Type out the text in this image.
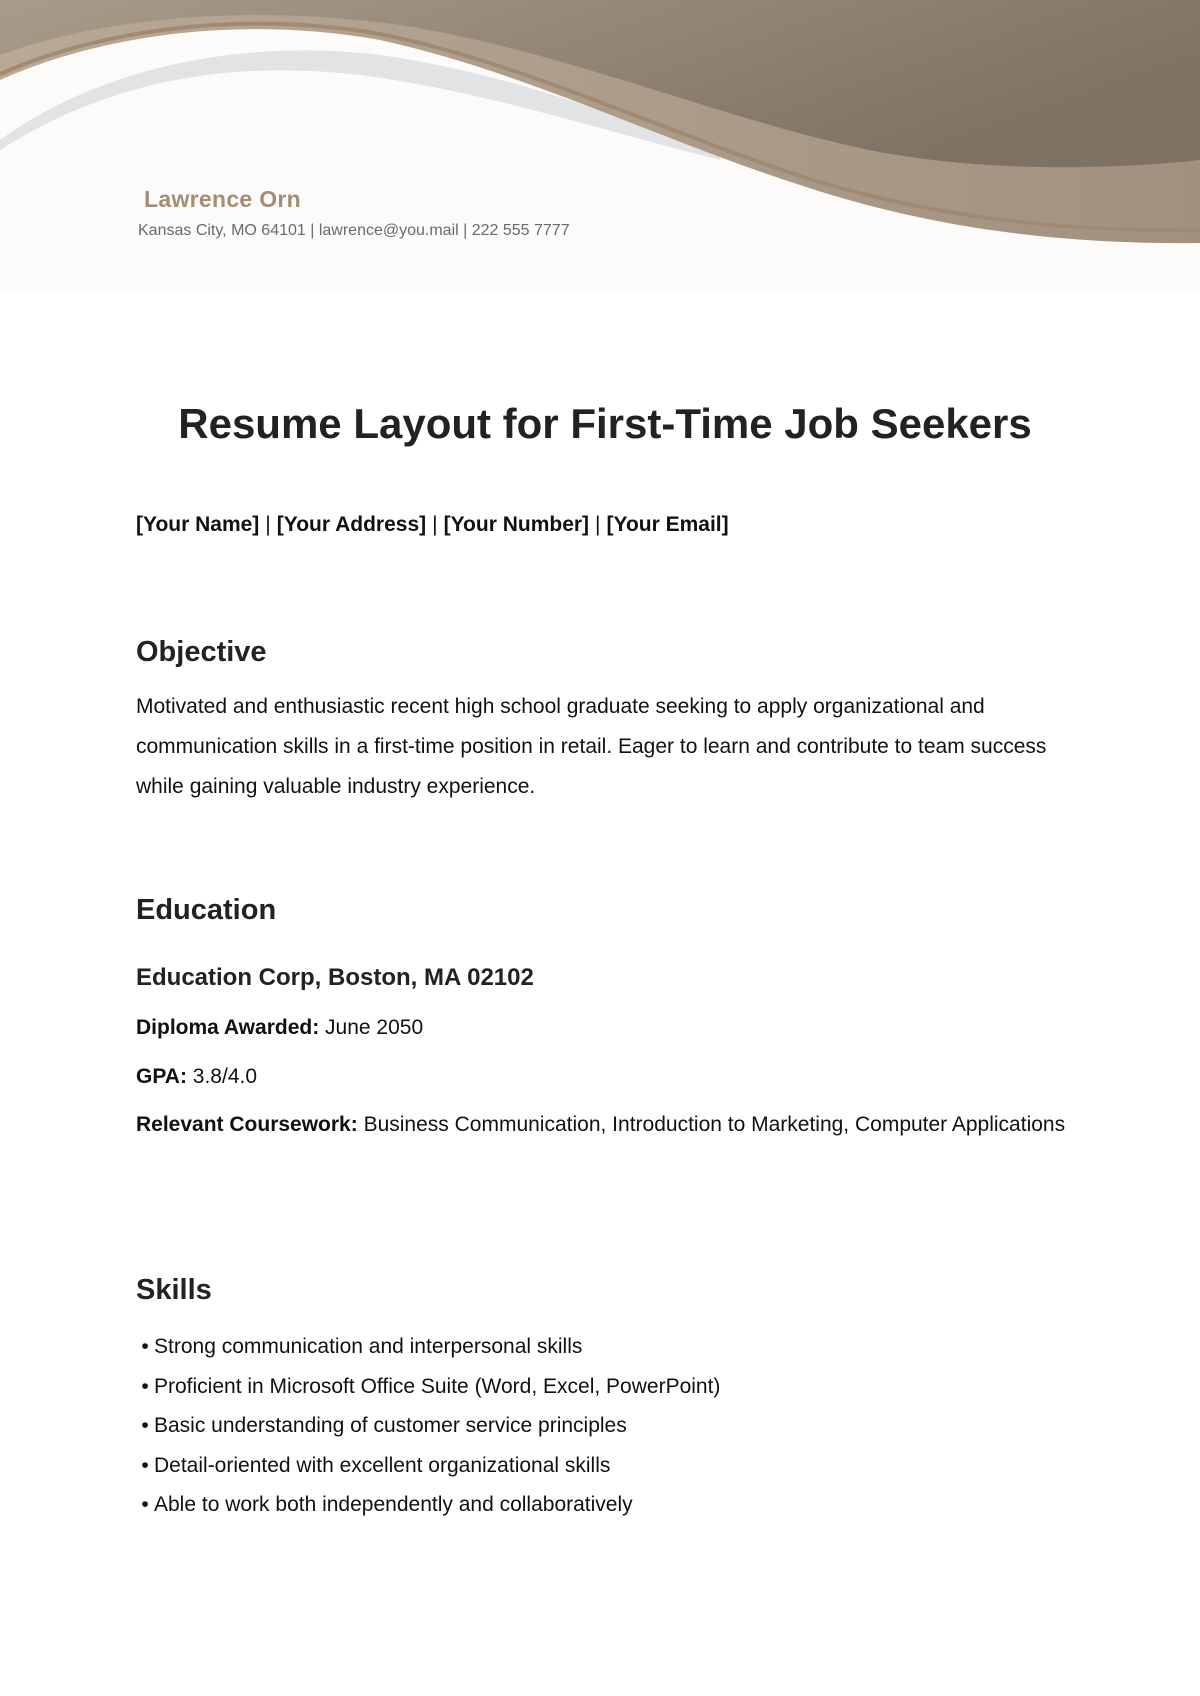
Lawrence Orn
Kansas City, MO 64101 | lawrence@you.mail | 222 555 7777
Resume Layout for First-Time Job Seekers
[Your Name] | [Your Address] | [Your Number] | [Your Email]
Objective
Motivated and enthusiastic recent high school graduate seeking to apply organizational and communication skills in a first-time position in retail. Eager to learn and contribute to team success while gaining valuable industry experience.
Education
Education Corp, Boston, MA 02102
Diploma Awarded: June 2050
GPA: 3.8/4.0
Relevant Coursework: Business Communication, Introduction to Marketing, Computer Applications
Skills
• Strong communication and interpersonal skills
• Proficient in Microsoft Office Suite (Word, Excel, PowerPoint)
• Basic understanding of customer service principles
• Detail-oriented with excellent organizational skills
• Able to work both independently and collaboratively
